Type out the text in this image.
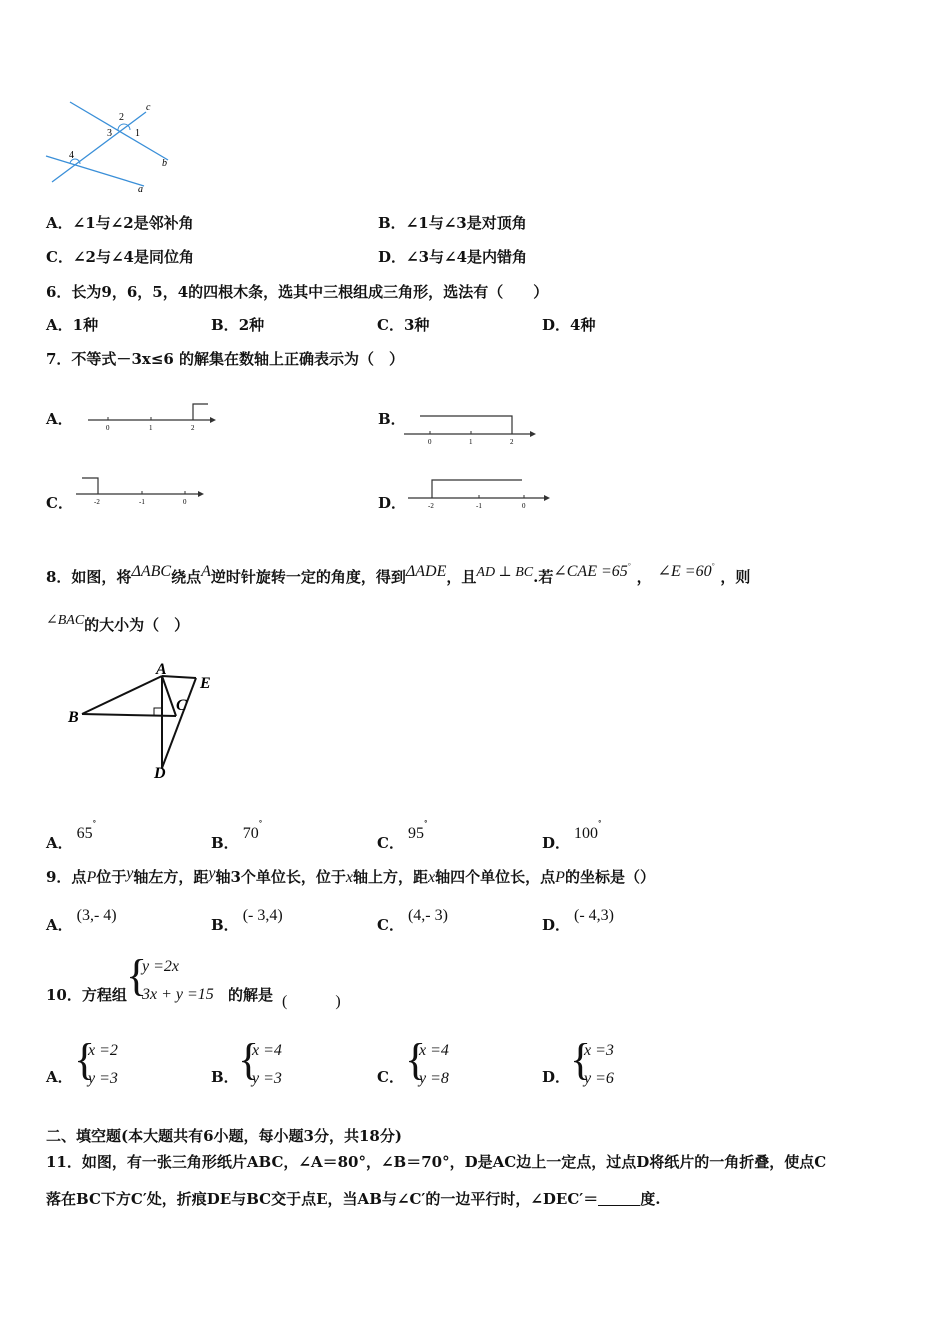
c
b
a
2
3 1
4
A．∠1与∠2是邻补角	B．∠1与∠3是对顶角
C．∠2与∠4是同位角	D．∠3与∠4是内错角
6．长为9，6，5，4的四根木条，选其中三根组成三角形，选法有（　　）
A．1种	B．2种	C．3种	D．4种
7．不等式－3x≤6 的解集在数轴上正确表示为（　）
A．	0	1	2	B．
0	1	2
C．	-2	-1	0	D．	-2	-1	0
8．如图，将ΔABC绕点A逆时针旋转一定的角度，得到ΔADE，且AD ⊥ BC.若∠CAE =65°， ∠E =60°，则
∠BAC的大小为（　）
A
B
C
D
E
A．65°
B．70°
C．95°
D．100°
9．点P位于y轴左方，距y轴3个单位长，位于x轴上方，距x轴四个单位长，点P的坐标是（）
A．(3,- 4)
B．(- 3,4)
C．(4,- 3)
D．(- 4,3)
10．方程组 {
y =2x
3x + y =15 的解是 (　　　)
A． {
x =2
y =3	B． {
x =4
y =3	C． {
x =4
y =8	D． {
x =3
y =6
二、填空题(本大题共有6小题，每小题3分，共18分)
11．如图，有一张三角形纸片ABC，∠A＝80°，∠B＝70°，D是AC边上一定点，过点D将纸片的一角折叠，使点C
落在BC下方C′处，折痕DE与BC交于点E，当AB与∠C′的一边平行时，∠DEC′＝	度.
